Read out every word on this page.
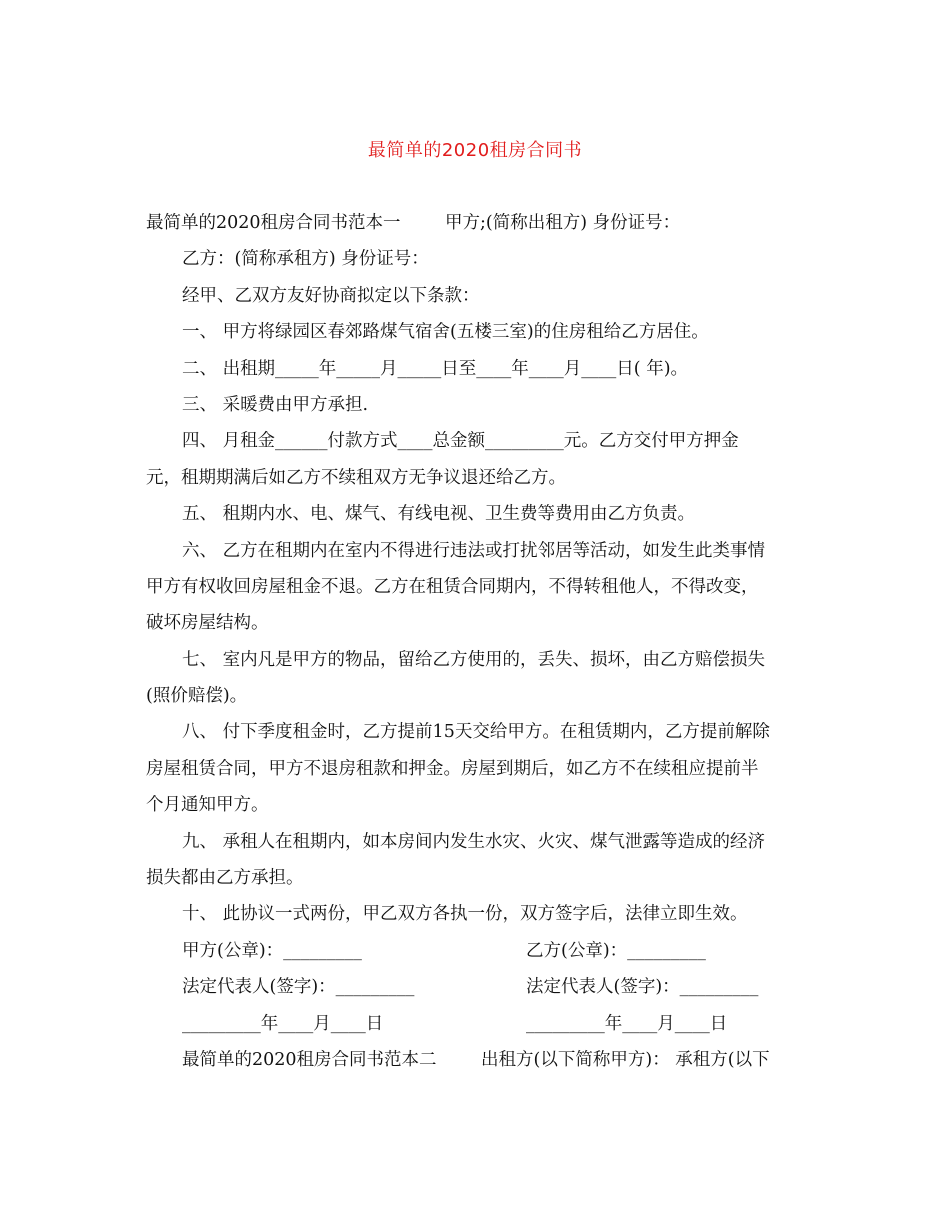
最简单的2020租房合同书
最简单的2020租房合同书范本一        甲方;(简称出租方) 身份证号：
乙方：(简称承租方) 身份证号：
经甲、乙双方友好协商拟定以下条款：
一、 甲方将绿园区春郊路煤气宿舍(五楼三室)的住房租给乙方居住。
二、 出租期_____年_____月_____日至____年____月____日( 年)。
三、 采暖费由甲方承担.
四、 月租金______付款方式____总金额_________元。乙方交付甲方押金
元，租期期满后如乙方不续租双方无争议退还给乙方。
五、 租期内水、电、煤气、有线电视、卫生费等费用由乙方负责。
六、 乙方在租期内在室内不得进行违法或打扰邻居等活动，如发生此类事情
甲方有权收回房屋租金不退。乙方在租赁合同期内，不得转租他人，不得改变，
破坏房屋结构。
七、 室内凡是甲方的物品，留给乙方使用的，丢失、损坏，由乙方赔偿损失
(照价赔偿)。
八、 付下季度租金时，乙方提前15天交给甲方。在租赁期内，乙方提前解除
房屋租赁合同，甲方不退房租款和押金。房屋到期后，如乙方不在续租应提前半
个月通知甲方。
九、 承租人在租期内，如本房间内发生水灾、火灾、煤气泄露等造成的经济
损失都由乙方承担。
十、 此协议一式两份，甲乙双方各执一份，双方签字后，法律立即生效。
甲方(公章)：_________	乙方(公章)：_________
法定代表人(签字)：_________	法定代表人(签字)：_________
_________年____月____日	_________年____月____日
最简单的2020租房合同书范本二        出租方(以下简称甲方)： 承租方(以下
